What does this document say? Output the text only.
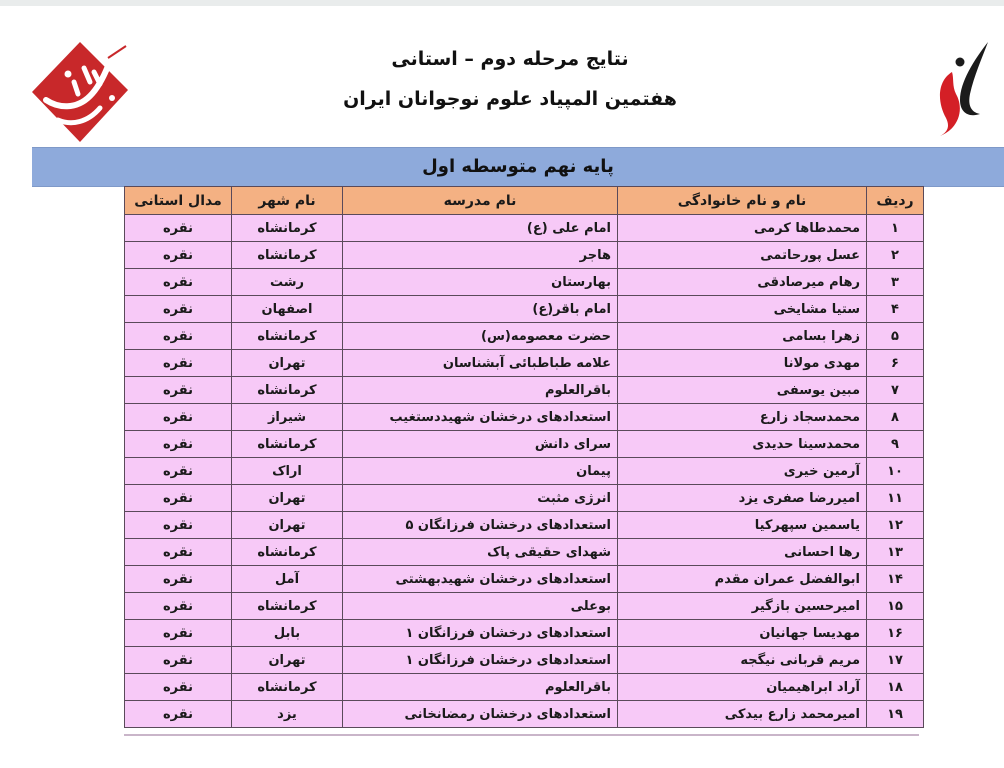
نتایج مرحله دوم – استانی
هفتمین المپیاد علوم نوجوانان ایران
پایه نهم متوسطه اول
ردیف	نام و نام خانوادگی	نام مدرسه	نام شهر	مدال استانی
۱	محمدطاها کرمی	امام علی (ع)	کرمانشاه	نقره
۲	عسل پورحاتمی	هاجر	کرمانشاه	نقره
۳	رهام میرصادقی	بهارستان	رشت	نقره
۴	ستیا مشایخی	امام باقر(ع)	اصفهان	نقره
۵	زهرا بسامی	حضرت معصومه(س)	کرمانشاه	نقره
۶	مهدی مولانا	علامه طباطبائی آبشناسان	تهران	نقره
۷	مبین یوسفی	باقرالعلوم	کرمانشاه	نقره
۸	محمدسجاد زارع	استعدادهای درخشان شهیددستغیب	شیراز	نقره
۹	محمدسینا حدیدی	سرای دانش	کرمانشاه	نقره
۱۰	آرمین خیری	پیمان	اراک	نقره
۱۱	امیررضا صفری یزد	انرژی مثبت	تهران	نقره
۱۲	یاسمین سپهرکیا	استعدادهای درخشان فرزانگان ۵	تهران	نقره
۱۳	رها احسانی	شهدای حقیقی پاک	کرمانشاه	نقره
۱۴	ابوالفضل عمران مقدم	استعدادهای درخشان شهیدبهشتی	آمل	نقره
۱۵	امیرحسین بازگیر	بوعلی	کرمانشاه	نقره
۱۶	مهدیسا جهانیان	استعدادهای درخشان فرزانگان ۱	بابل	نقره
۱۷	مریم قربانی نیگجه	استعدادهای درخشان فرزانگان ۱	تهران	نقره
۱۸	آراد ابراهیمیان	باقرالعلوم	کرمانشاه	نقره
۱۹	امیرمحمد زارع بیدکی	استعدادهای درخشان رمضانخانی	یزد	نقره
